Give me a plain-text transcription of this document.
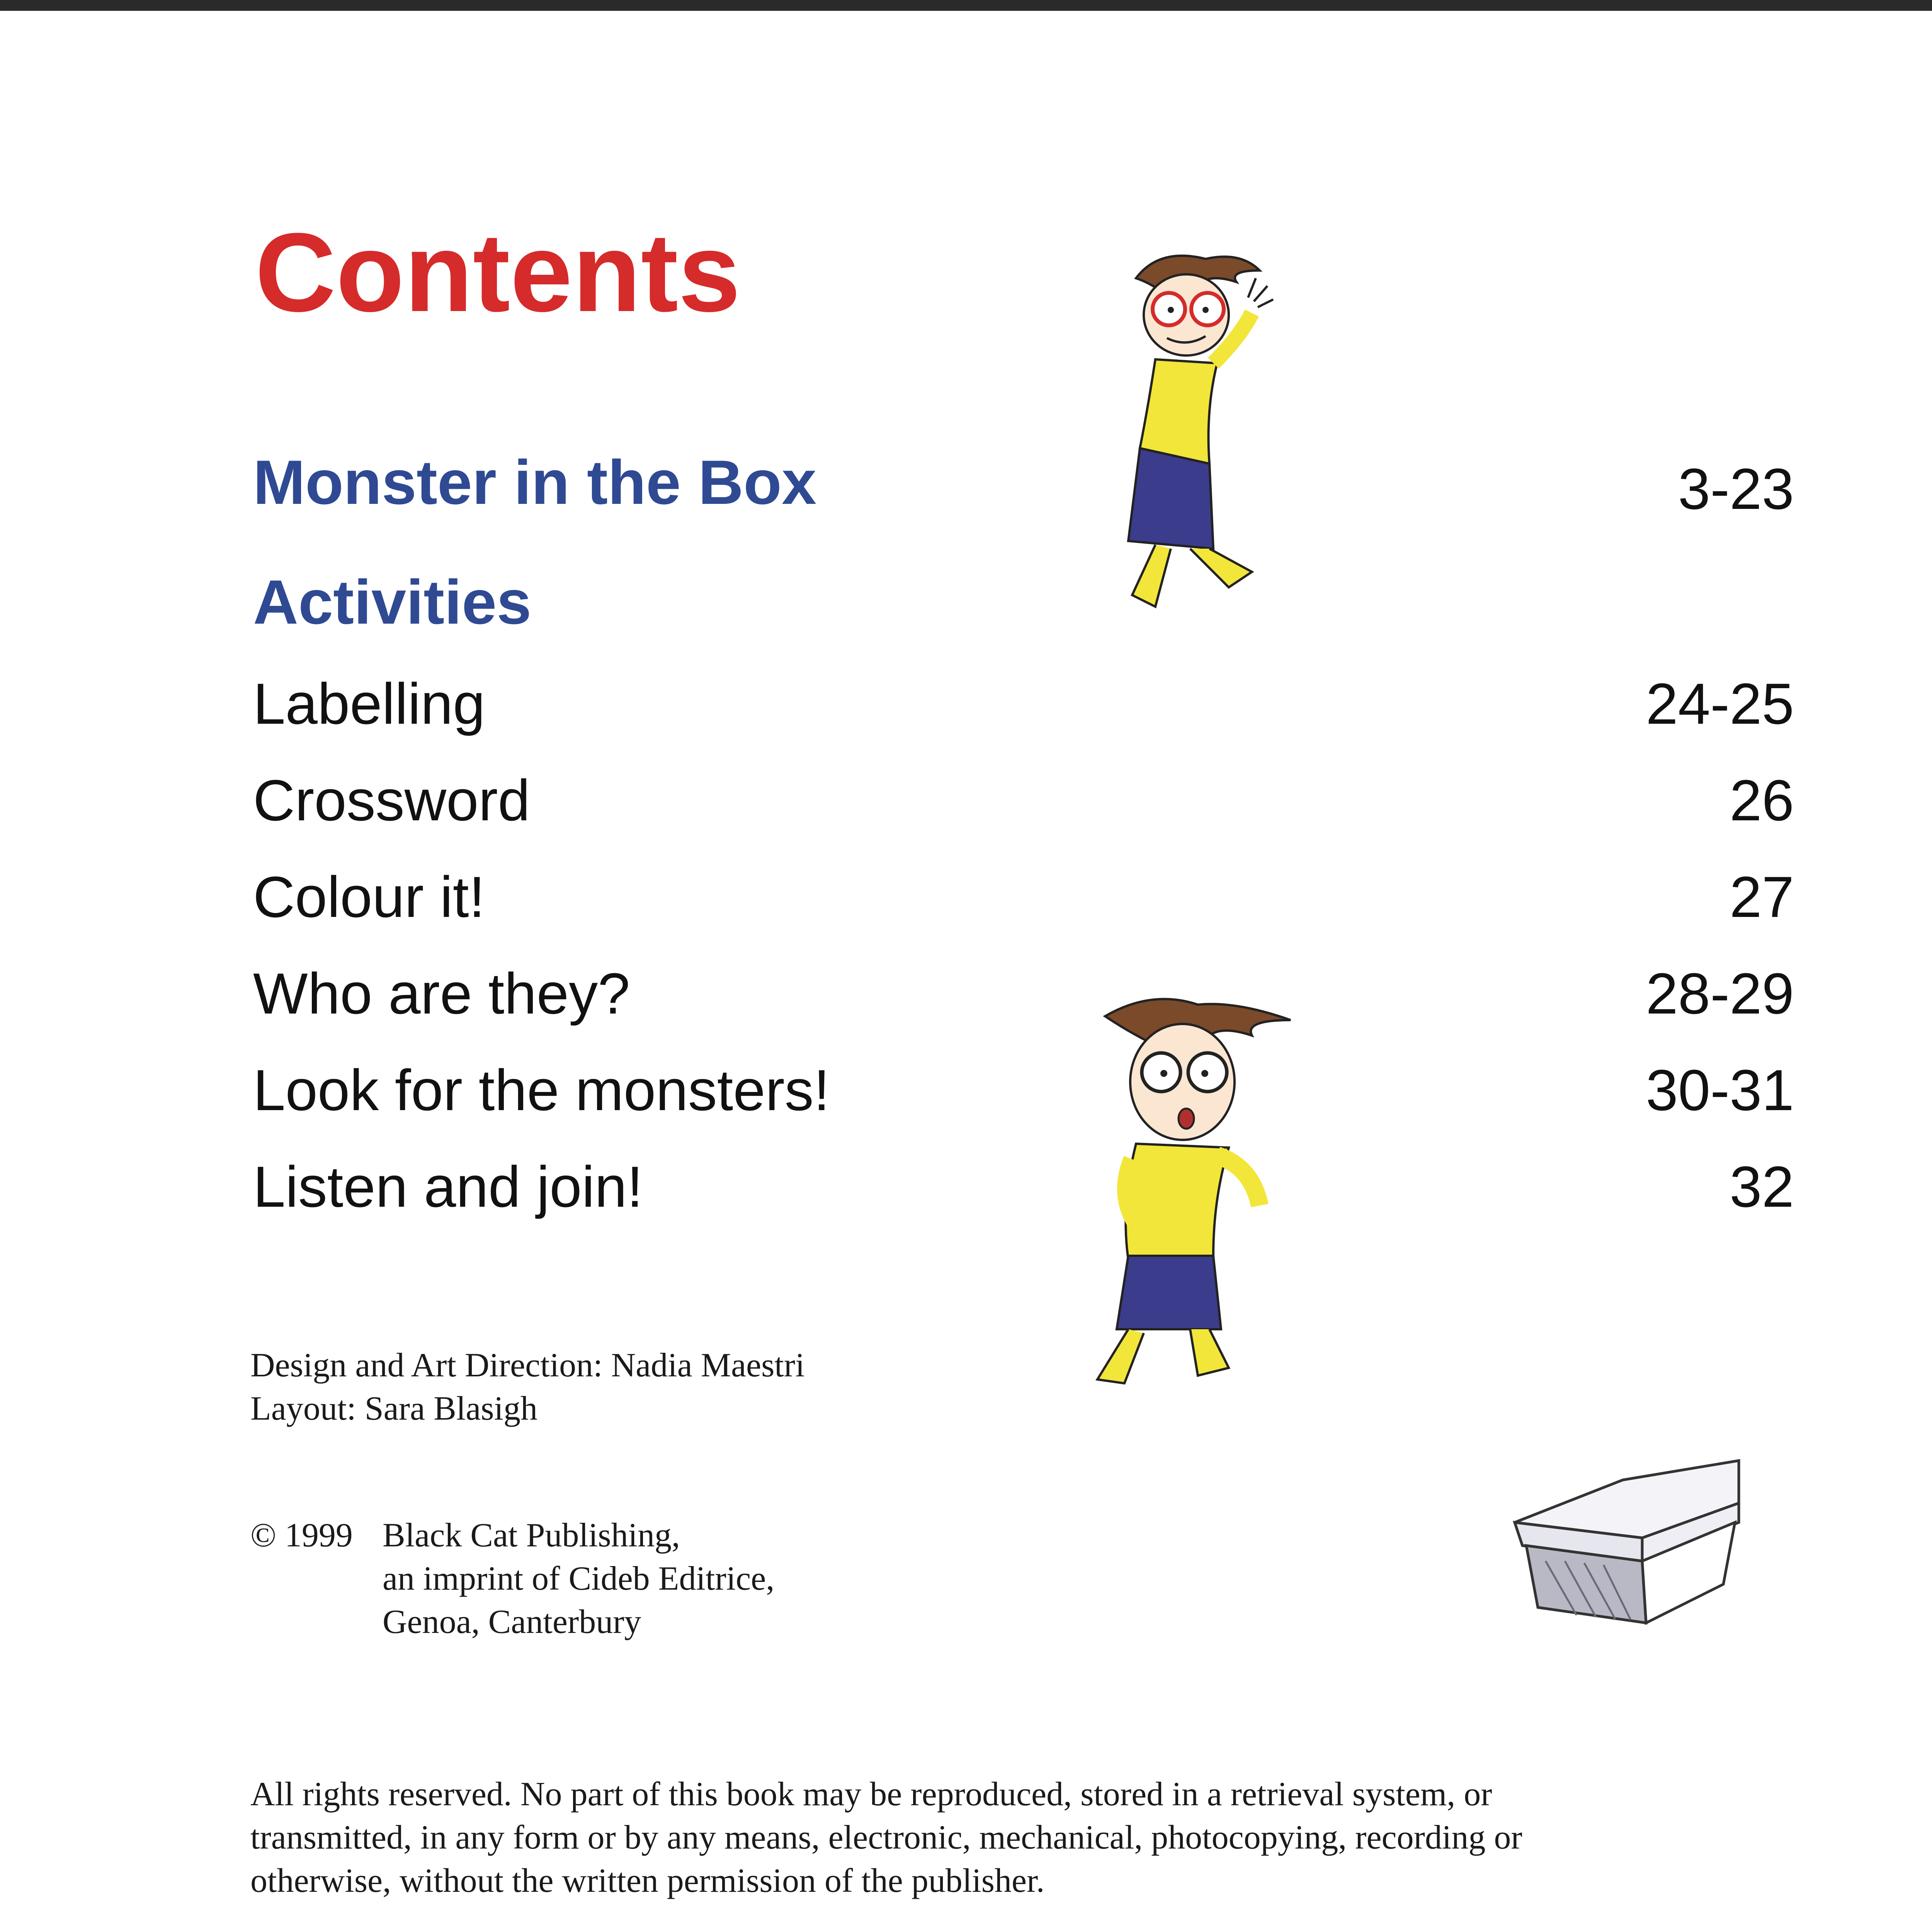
Contents
Monster in the Box	3-23
Activities
Labelling	24-25
Crossword	26
Colour it!	27
Who are they?	28-29
Look for the monsters!	30-31
Listen and join!	32
Design and Art Direction: Nadia Maestri
Layout: Sara Blasigh
© 1999 Black Cat Publishing,
an imprint of Cideb Editrice,
Genoa, Canterbury
All rights reserved. No part of this book may be reproduced, stored in a retrieval system, or
transmitted, in any form or by any means, electronic, mechanical, photocopying, recording or
otherwise, without the written permission of the publisher.
